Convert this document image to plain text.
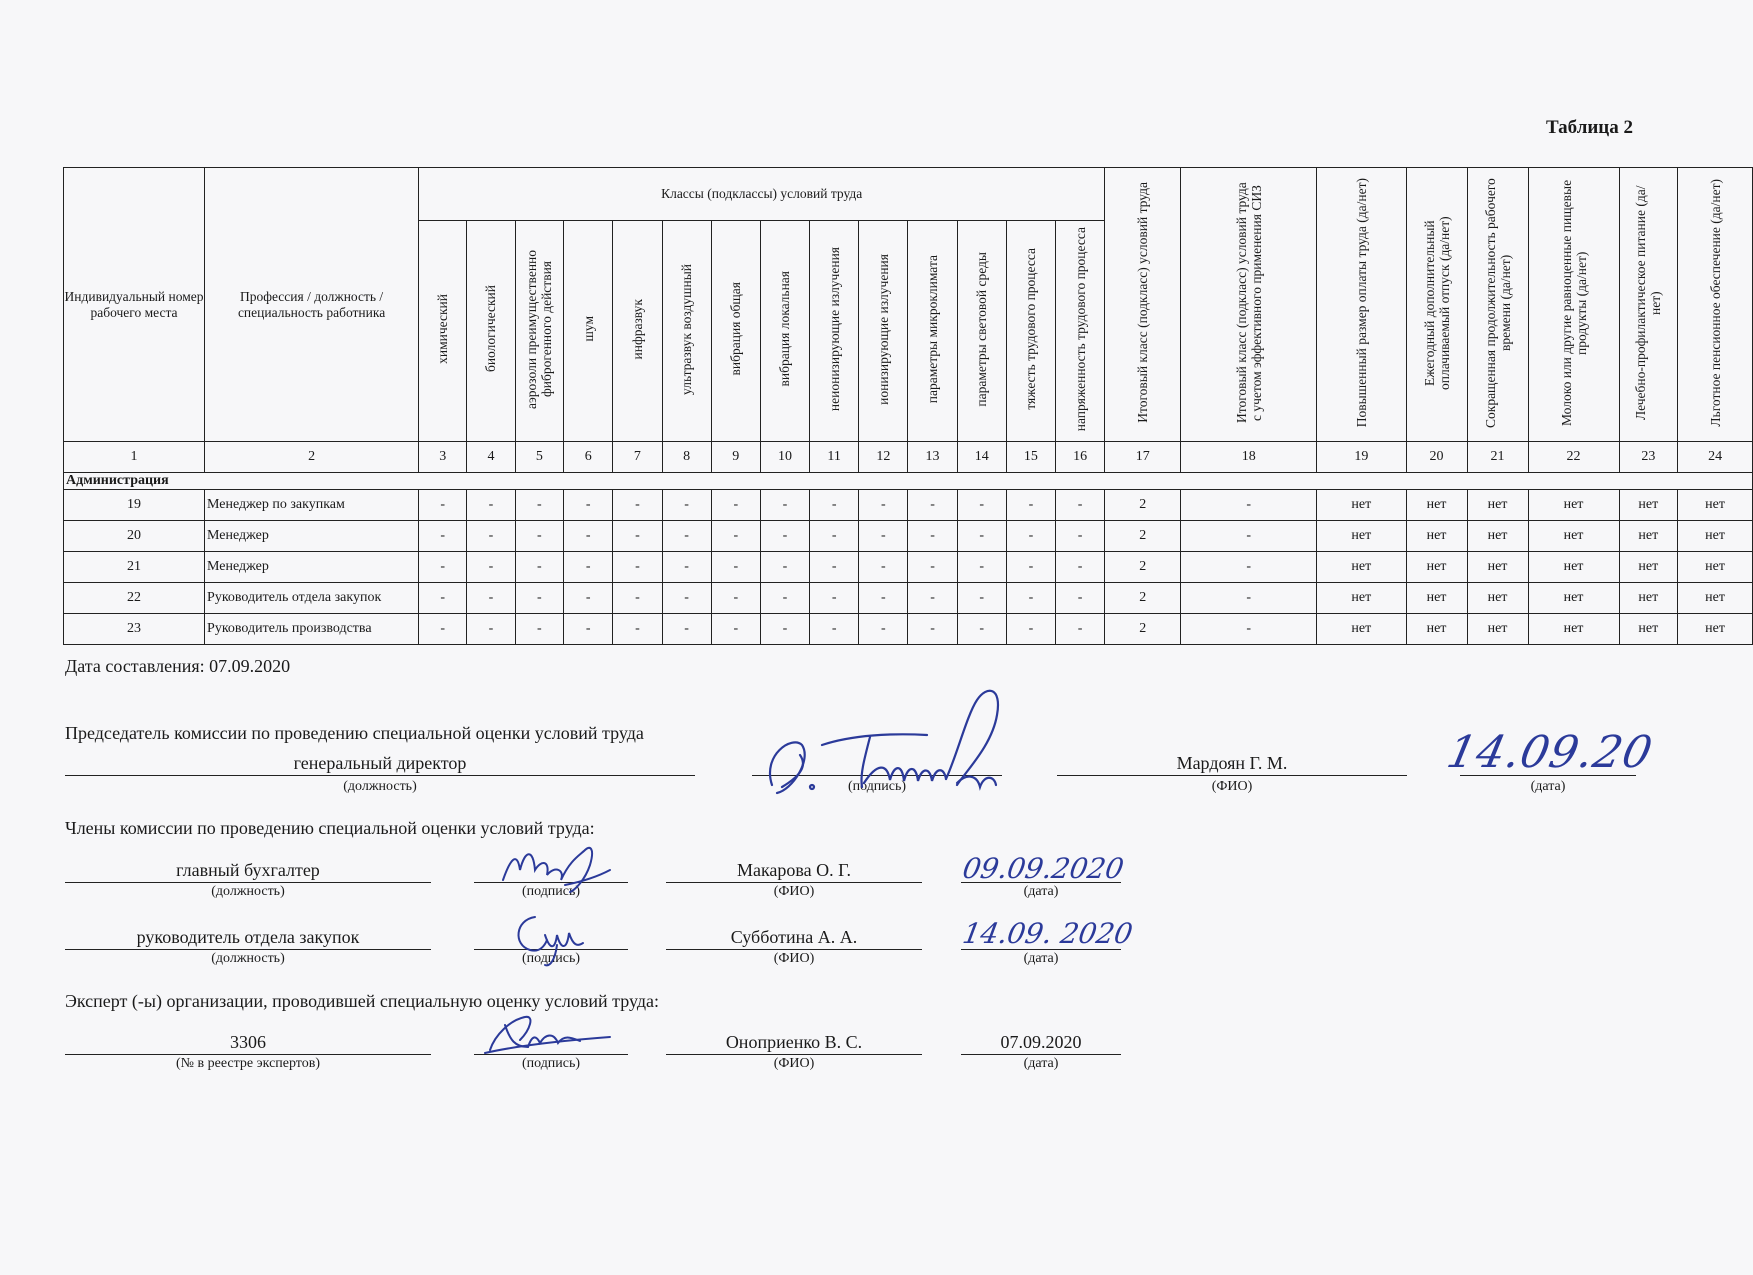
Таблица 2
Индивидуальный номер рабочего места	Профессия / должность / специальность работника	Классы (подклассы) условий труда														Итоговый класс (подкласс) условий труда	Итоговый класс (подкласс) условий труда с учетом эффективного применения СИЗ	Повышенный размер оплаты труда (да/нет)	Ежегодный дополнительный оплачиваемый отпуск (да/нет)	Сокращенная продолжительность рабочего времени (да/нет)	Молоко или другие равноценные пищевые продукты (да/нет)	Лечебно-профилактическое питание (да/нет)	Льготное пенсионное обеспечение (да/нет)
		химический	биологический	аэрозоли преимущественно фиброгенного действия	шум	инфразвук	ультразвук воздушный	вибрация общая	вибрация локальная	неионизирующие излучения	ионизирующие излучения	параметры микроклимата	параметры световой среды	тяжесть трудового процесса	напряженность трудового процесса								
1	2	3	4	5	6	7	8	9	10	11	12	13	14	15	16	17	18	19	20	21	22	23	24
Администрация																							
19	Менеджер по закупкам	-	-	-	-	-	-	-	-	-	-	-	-	-	-	2	-	нет	нет	нет	нет	нет	нет
20	Менеджер	-	-	-	-	-	-	-	-	-	-	-	-	-	-	2	-	нет	нет	нет	нет	нет	нет
21	Менеджер	-	-	-	-	-	-	-	-	-	-	-	-	-	-	2	-	нет	нет	нет	нет	нет	нет
22	Руководитель отдела закупок	-	-	-	-	-	-	-	-	-	-	-	-	-	-	2	-	нет	нет	нет	нет	нет	нет
23	Руководитель производства	-	-	-	-	-	-	-	-	-	-	-	-	-	-	2	-	нет	нет	нет	нет	нет	нет
Дата составления: 07.09.2020
Председатель комиссии по проведению специальной оценки условий труда
генеральный директор
(должность)	(подпись)
Мардоян Г. М.
(ФИО)	(дата)
14.09.20
Члены комиссии по проведению специальной оценки условий труда:
главный бухгалтер
(должность)	(подпись)
Макарова О. Г.
(ФИО)	(дата)
09.09.2020
руководитель отдела закупок
(должность)	(подпись)
Субботина А. А.
(ФИО)	(дата)
14.09. 2020
Эксперт (-ы) организации, проводившей специальную оценку условий труда:
3306
(№ в реестре экспертов)	(подпись)
Оноприенко В. С.
(ФИО)
07.09.2020
(дата)
